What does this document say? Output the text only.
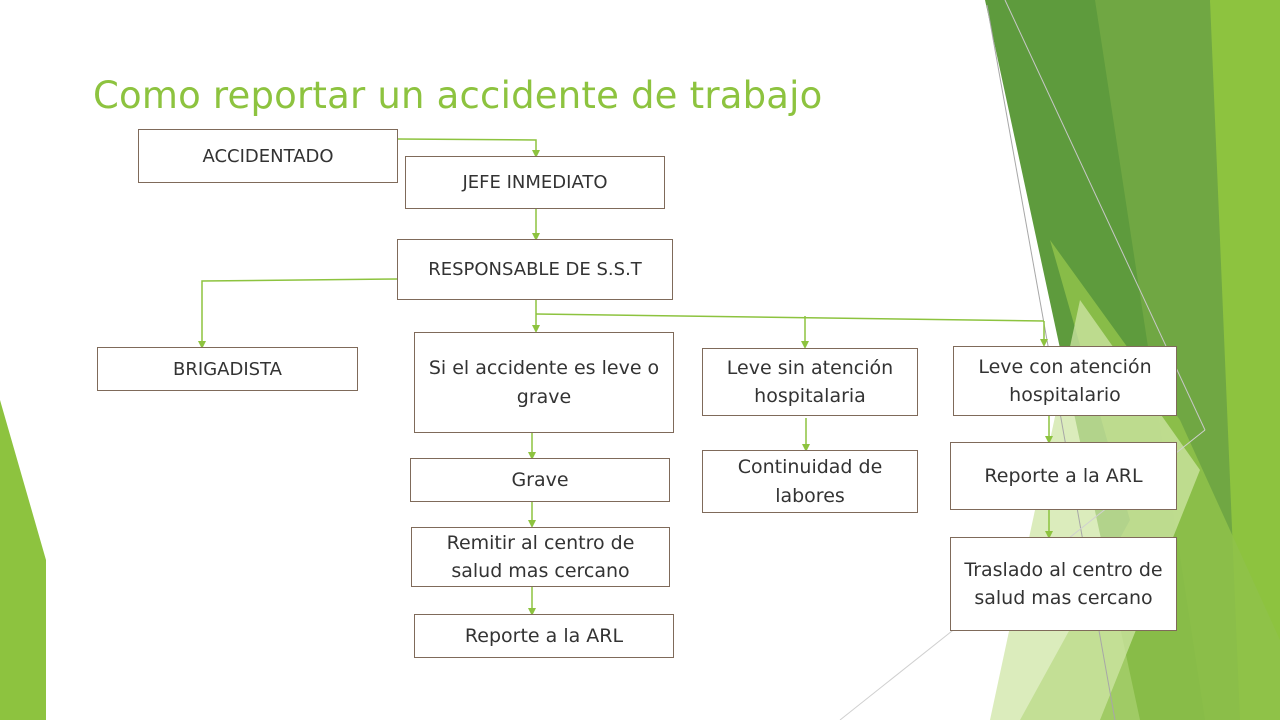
Como reportar un accidente de trabajo
ACCIDENTADO
JEFE INMEDIATO
RESPONSABLE DE S.S.T
BRIGADISTA	Si el accidente es leve o grave
Leve sin atención hospitalaria
Leve con atención hospitalario
Grave
Remitir al centro de salud mas cercano
Reporte a la ARL
Continuidad de labores
Reporte a la ARL
Traslado al centro de salud mas cercano
